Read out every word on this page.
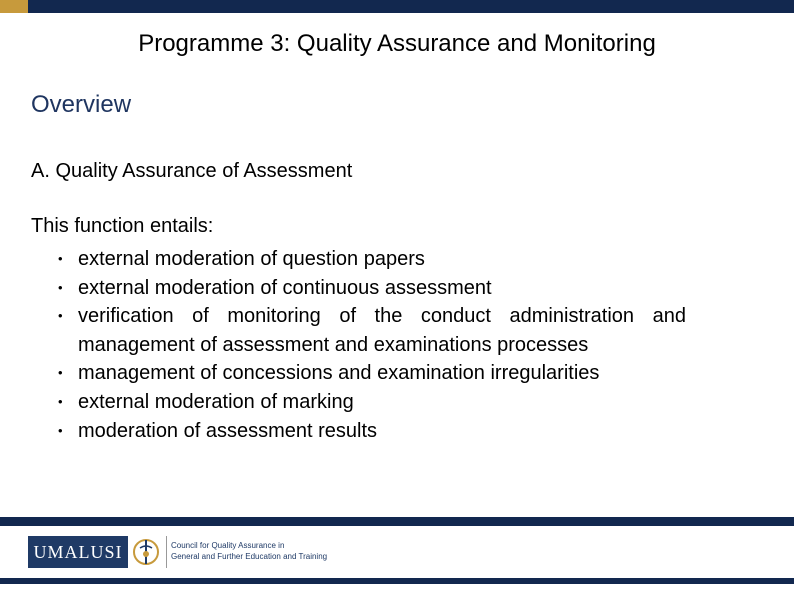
Programme 3: Quality Assurance and Monitoring
Overview
A. Quality Assurance of Assessment
This function entails:
• external moderation of question papers
• external moderation of continuous assessment
• verification of monitoring of the conduct administration and
management of assessment and examinations processes
• management of concessions and examination irregularities
• external moderation of marking
• moderation of assessment results
UMALUSI	Council for Quality Assurance in
General and Further Education and Training
